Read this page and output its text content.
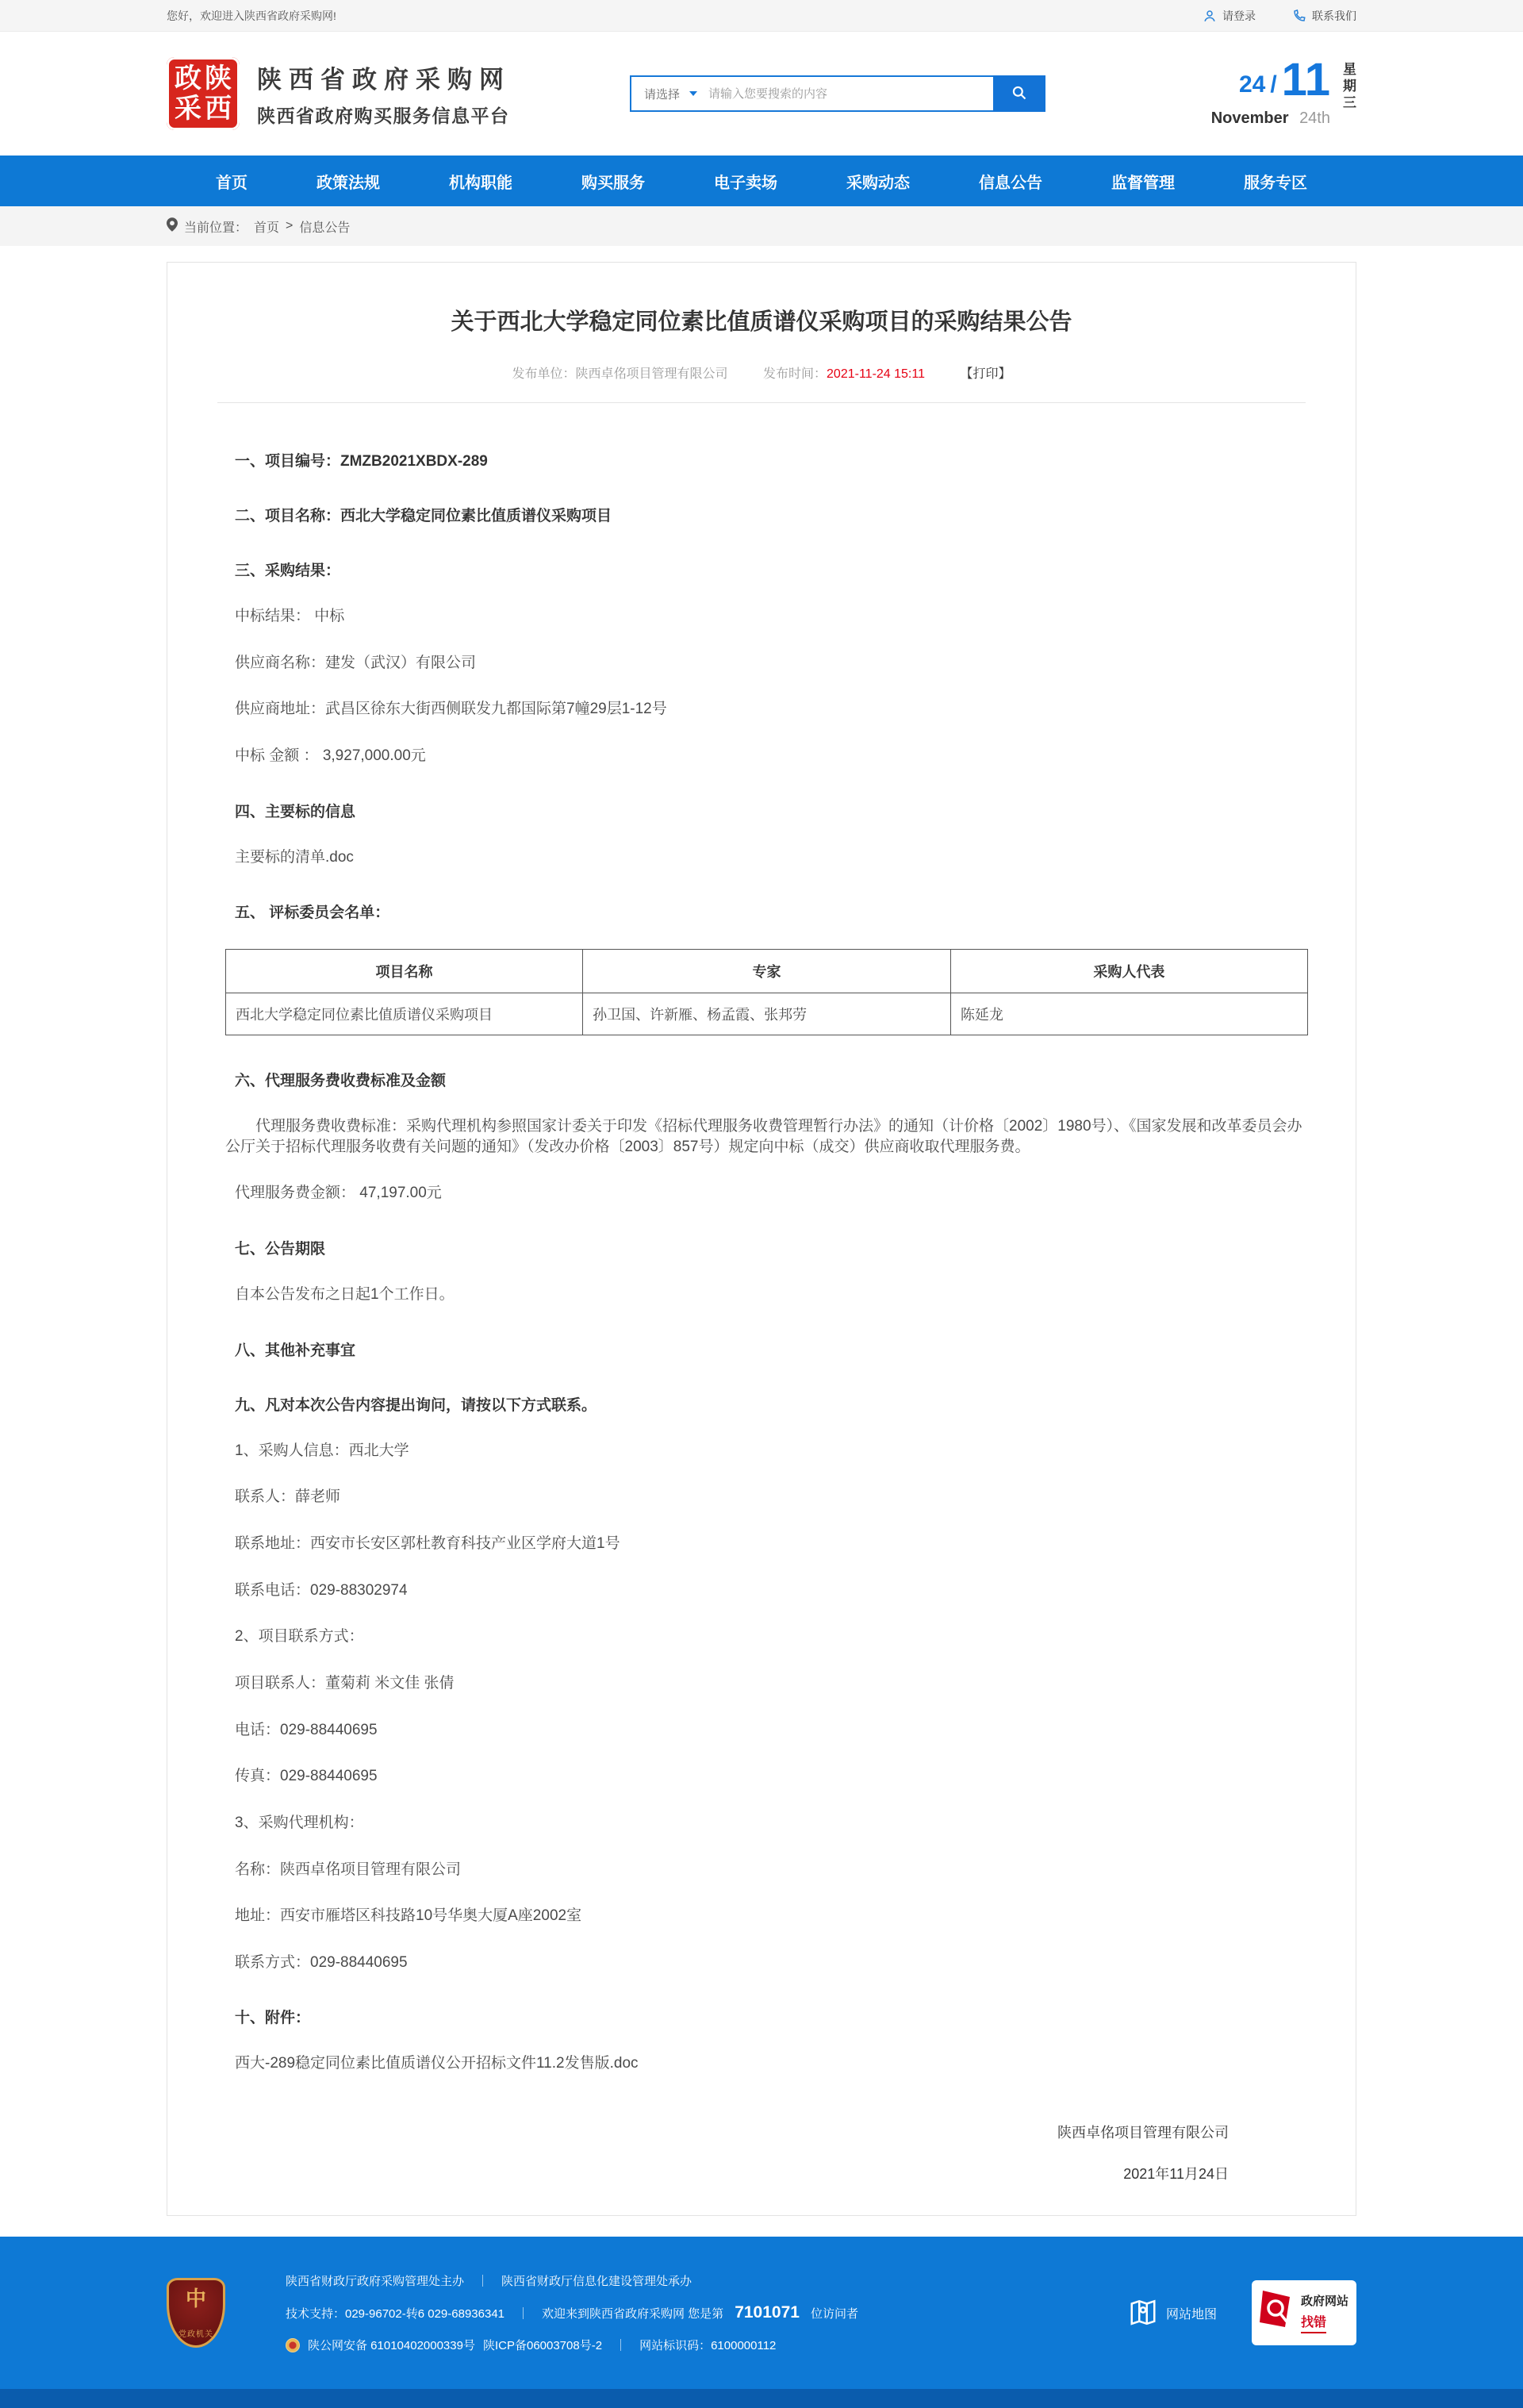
您好，欢迎进入陕西省政府采购网!	请登录	联系我们
政 陕
采 西
陕西省政府采购网
陕西省政府购买服务信息平台
请选择
请输入您要搜索的内容	24 / 11
November 24th
星
期
三
首页	政策法规	机构职能	购买服务	电子卖场	采购动态	信息公告	监督管理	服务专区
当前位置： 首页 > 信息公告
关于西北大学稳定同位素比值质谱仪采购项目的采购结果公告
发布单位：陕西卓佲项目管理有限公司	发布时间：2021-11-24 15:11	【打印】
一、项目编号：ZMZB2021XBDX-289
二、项目名称：西北大学稳定同位素比值质谱仪采购项目
三、采购结果：

中标结果： 中标

供应商名称：建发（武汉）有限公司

供应商地址：武昌区徐东大街西侧联发九都国际第7幢29层1-12号

中标 金额 ： 3,927,000.00元

四、主要标的信息

主要标的清单.doc

五、 评标委员会名单：
项目名称	专家	采购人代表
西北大学稳定同位素比值质谱仪采购项目	孙卫国、许新雁、杨孟霞、张邦劳	陈延龙
六、代理服务费收费标准及金额

代理服务费收费标准：采购代理机构参照国家计委关于印发《招标代理服务收费管理暂行办法》的通知（计价格〔2002〕1980号）、《国家发展和改革委员会办公厅关于招标代理服务收费有关问题的通知》（发改办价格〔2003〕857号）规定向中标（成交）供应商收取代理服务费。

代理服务费金额： 47,197.00元

七、公告期限

自本公告发布之日起1个工作日。

八、其他补充事宜
九、凡对本次公告内容提出询问，请按以下方式联系。

1、采购人信息：西北大学

联系人：薛老师

联系地址：西安市长安区郭杜教育科技产业区学府大道1号

联系电话：029-88302974

2、项目联系方式：

项目联系人：董菊莉 米文佳 张倩

电话：029-88440695

传真：029-88440695

3、采购代理机构：

名称：陕西卓佲项目管理有限公司

地址：西安市雁塔区科技路10号华奥大厦A座2002室

联系方式：029-88440695

十、附件：

西大-289稳定同位素比值质谱仪公开招标文件11.2发售版.doc

陕西卓佲项目管理有限公司
2021年11月24日
中
党政机关
陕西省财政厅政府采购管理处主办 ｜ 陕西省财政厅信息化建设管理处承办
技术支持：029-96702-转6 029-68936341 ｜ 欢迎来到陕西省政府采购网 您是第 7101071 位访问者
陕公网安备 61010402000339号 陕ICP备06003708号-2 ｜ 网站标识码：6100000112
网站地图
政府网站
找错
